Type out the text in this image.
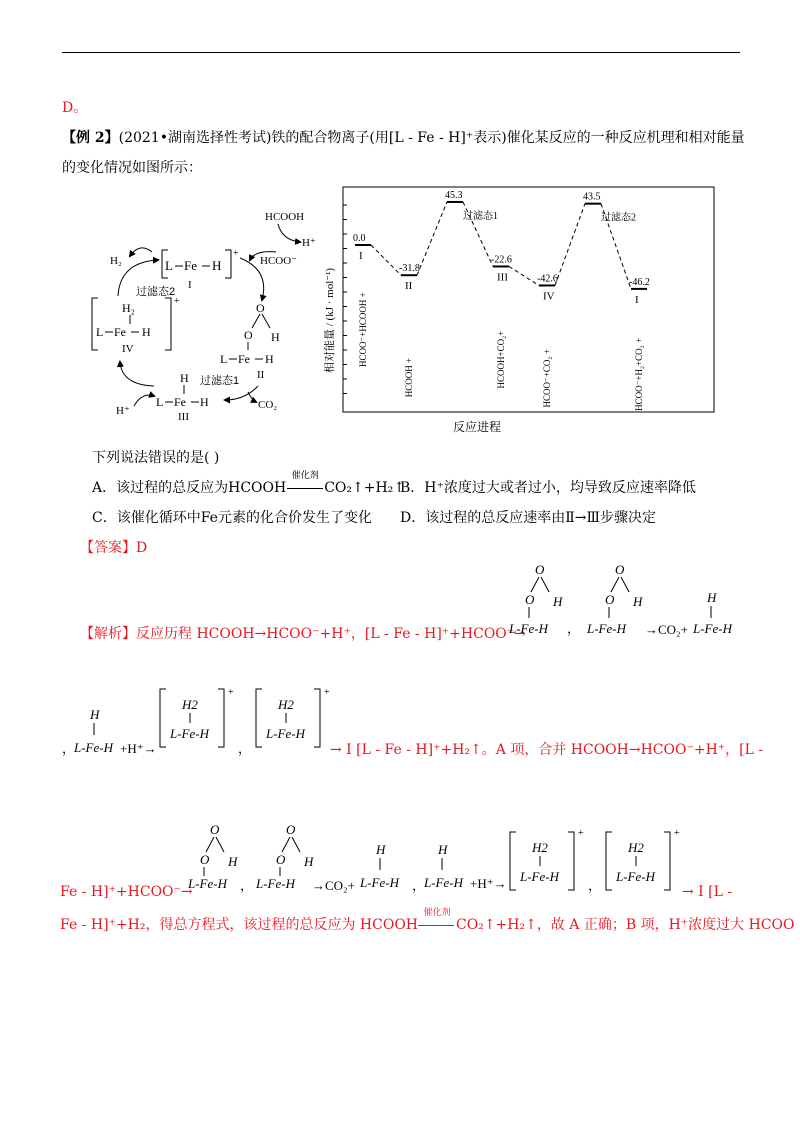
D。
【例 2】(2021•湖南选择性考试)铁的配合物离子(用[L - Fe - H]⁺表示)催化某反应的一种反应机理和相对能量
的变化情况如图所示：
L Fe H
+
I
HCOOH
H⁺
HCOO⁻
O
O H
L Fe H
II
过滤态1
CO₂
H
L Fe H
III
H⁺
H₂
L Fe H
IV
+
过滤态2
H₂
相对能量 / (kJ · mol⁻¹)
反应进程
0.0
I
HCOO⁻+HCOOH +
-31.8
II
HCOOH +
45.3
过滤态1
-22.6
III
HCOOH+CO₂+
-42.6
IV
HCOO⁻+CO₂ +
43.5
过滤态2
-46.2
I
HCOO⁻+H₂+CO₂ +
下列说法错误的是( )
A．该过程的总反应为HCOOH
催化剂
CO₂↑+H₂↑
B．H⁺浓度过大或者过小，均导致反应速率降低
C．该催化循环中Fe元素的化合价发生了变化 D．该过程的总反应速率由Ⅱ→Ⅲ步骤决定
【答案】D
【解析】反应历程 HCOOH→HCOO⁻+H⁺，[L - Fe - H]⁺+HCOO⁻→
O
O H
L-Fe-H ，
O
O H
L-Fe-H →CO₂+
H
L-Fe-H
，
H
L-Fe-H +H⁺→
+
H2
L-Fe-H
，
+
H2
L-Fe-H
→ Ⅰ [L - Fe - H]⁺+H₂↑。A 项，合并 HCOOH→HCOO⁻+H⁺，[L -
Fe - H]⁺+HCOO⁻→
O
O H
L-Fe-H ，
O
O H
L-Fe-H →CO₂+
H
L-Fe-H ，
H
L-Fe-H +H⁺→
+
H2
L-Fe-H
，
+
H2
L-Fe-H
→ Ⅰ [L -
Fe - H]⁺+H₂，得总方程式，该过程的总反应为 HCOOH
催化剂
CO₂↑+H₂↑，故 A 正确；B 项，H⁺浓度过大 HCOO
